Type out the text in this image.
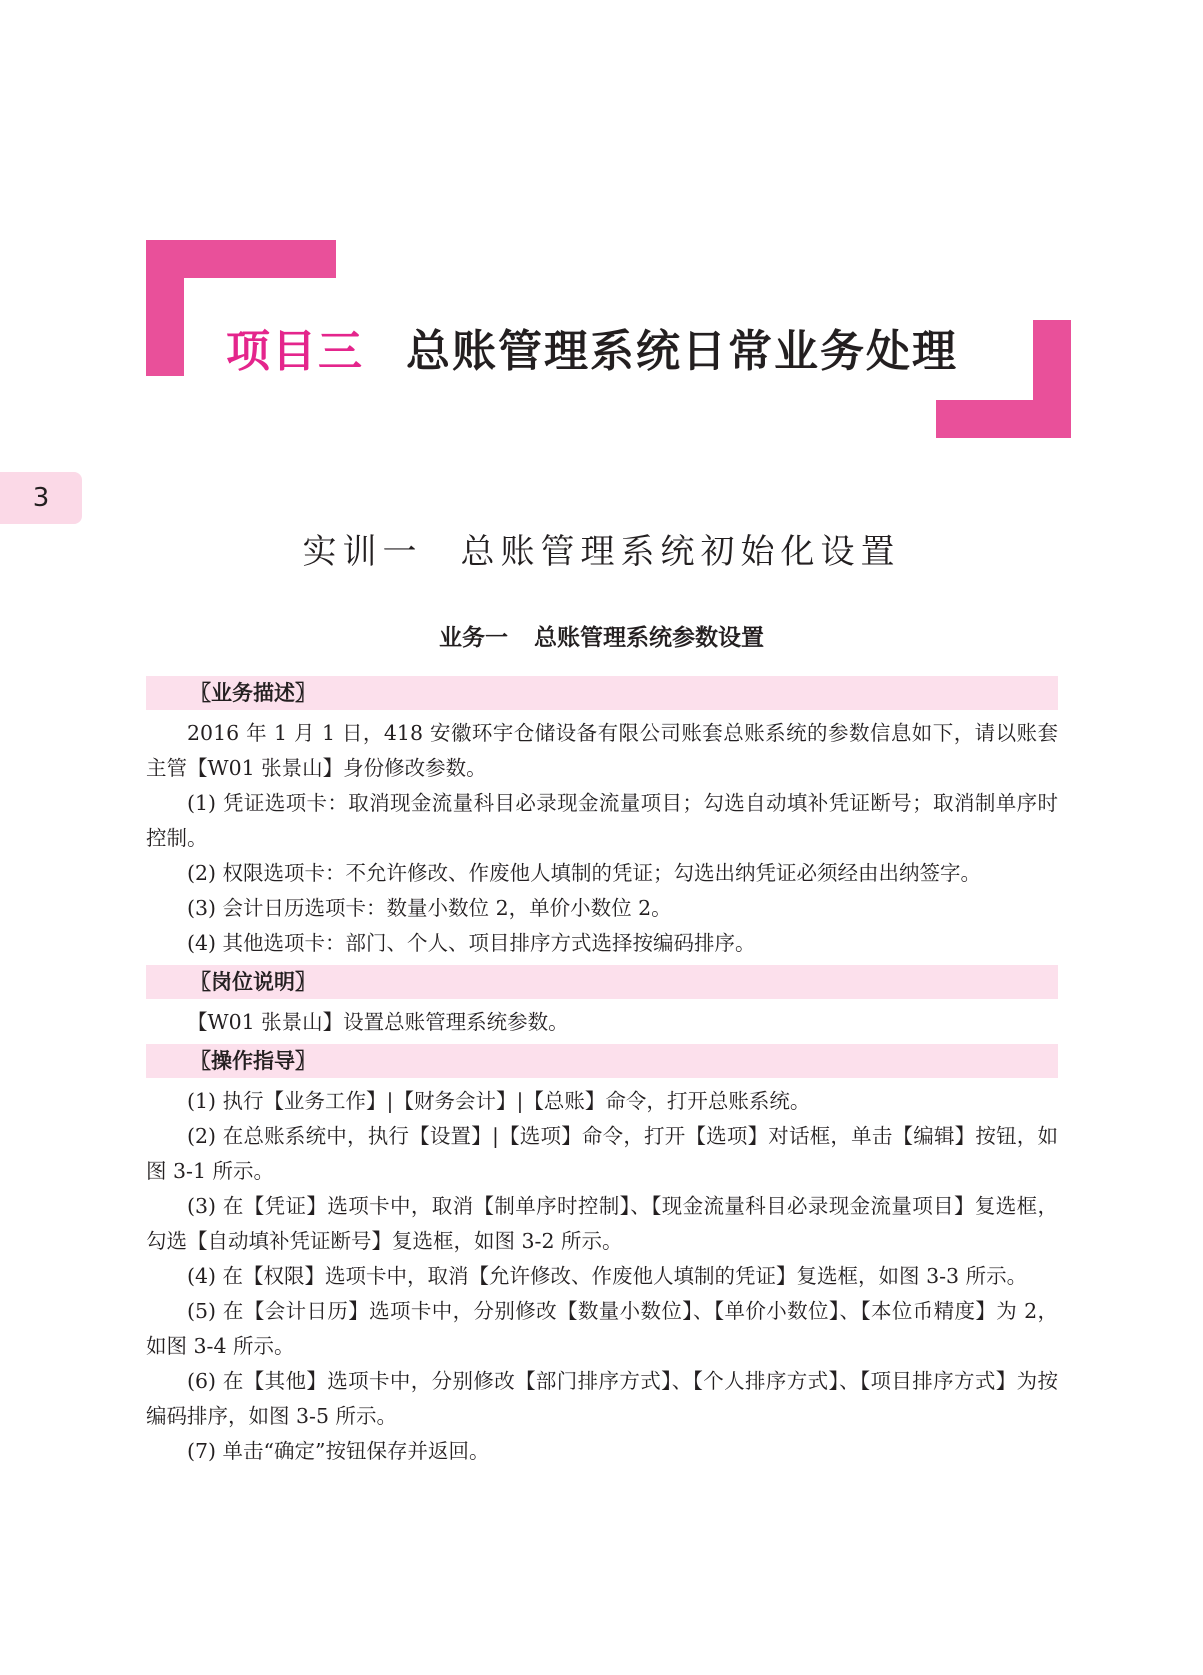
项目三 总账管理系统日常业务处理
3
实训一 总账管理系统初始化设置
业务一 总账管理系统参数设置
〖业务描述〗

2016 年 1 月 1 日，418 安徽环宇仓储设备有限公司账套总账系统的参数信息如下，请以账套主管【W01 张景山】身份修改参数。

(1) 凭证选项卡：取消现金流量科目必录现金流量项目；勾选自动填补凭证断号；取消制单序时控制。

(2) 权限选项卡：不允许修改、作废他人填制的凭证；勾选出纳凭证必须经由出纳签字。

(3) 会计日历选项卡：数量小数位 2，单价小数位 2。

(4) 其他选项卡：部门、个人、项目排序方式选择按编码排序。

〖岗位说明〗

【W01 张景山】设置总账管理系统参数。

〖操作指导〗

(1) 执行【业务工作】|【财务会计】|【总账】命令，打开总账系统。

(2) 在总账系统中，执行【设置】|【选项】命令，打开【选项】对话框，单击【编辑】按钮，如图 3-1 所示。

(3) 在【凭证】选项卡中，取消【制单序时控制】、【现金流量科目必录现金流量项目】复选框，勾选【自动填补凭证断号】复选框，如图 3-2 所示。

(4) 在【权限】选项卡中，取消【允许修改、作废他人填制的凭证】复选框，如图 3-3 所示。

(5) 在【会计日历】选项卡中，分别修改【数量小数位】、【单价小数位】、【本位币精度】为 2，如图 3-4 所示。

(6) 在【其他】选项卡中，分别修改【部门排序方式】、【个人排序方式】、【项目排序方式】为按编码排序，如图 3-5 所示。

(7) 单击“确定”按钮保存并返回。
